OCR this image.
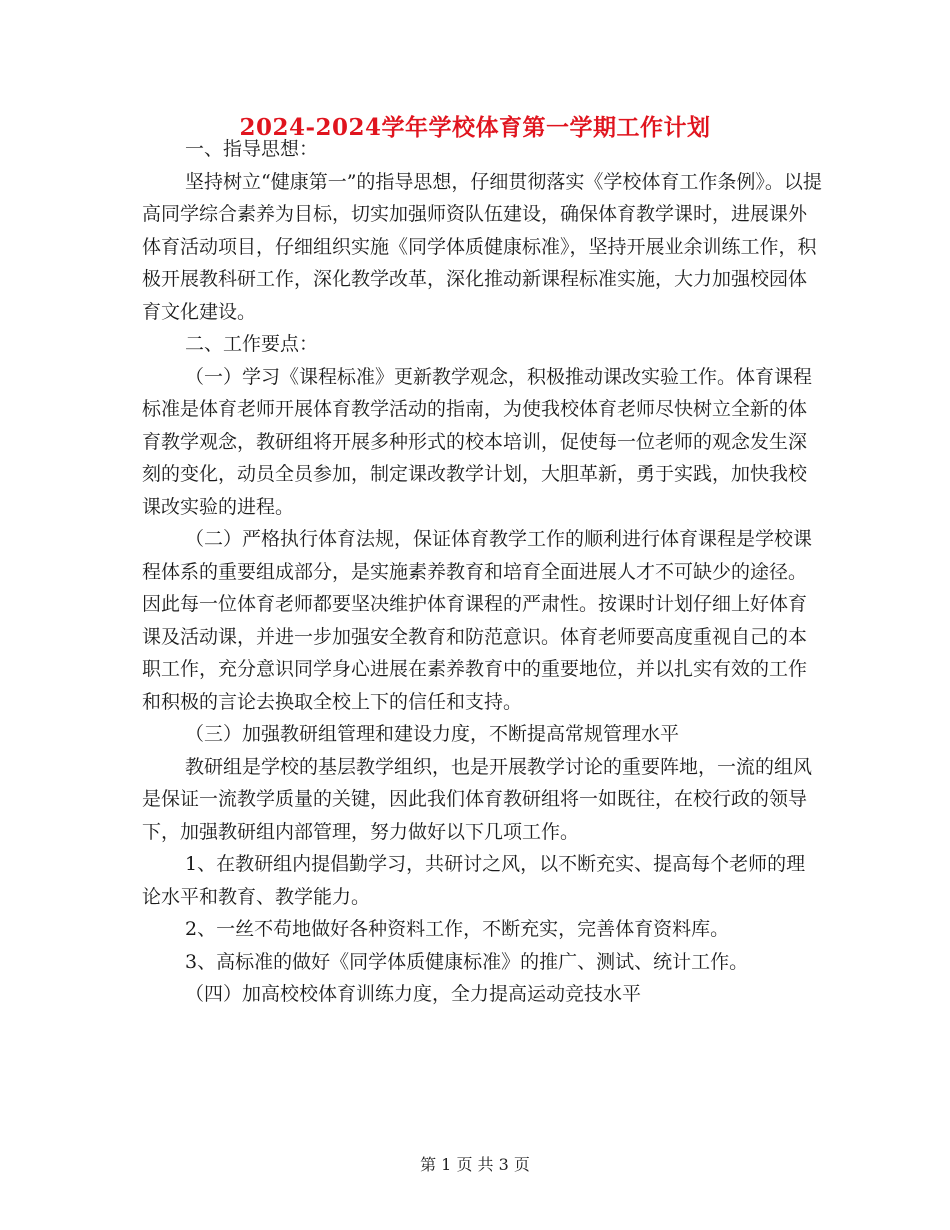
2024-2024学年学校体育第一学期工作计划

一、指导思想：

坚持树立“健康第一”的指导思想，仔细贯彻落实《学校体育工作条例》。以提高同学综合素养为目标，切实加强师资队伍建设，确保体育教学课时，进展课外体育活动项目，仔细组织实施《同学体质健康标准》，坚持开展业余训练工作，积极开展教科研工作，深化教学改革，深化推动新课程标准实施，大力加强校园体育文化建设。

二、工作要点：

（一）学习《课程标准》更新教学观念，积极推动课改实验工作。体育课程标准是体育老师开展体育教学活动的指南，为使我校体育老师尽快树立全新的体育教学观念，教研组将开展多种形式的校本培训，促使每一位老师的观念发生深刻的变化，动员全员参加，制定课改教学计划，大胆革新，勇于实践，加快我校课改实验的进程。

（二）严格执行体育法规，保证体育教学工作的顺利进行体育课程是学校课程体系的重要组成部分，是实施素养教育和培育全面进展人才不可缺少的途径。因此每一位体育老师都要坚决维护体育课程的严肃性。按课时计划仔细上好体育课及活动课，并进一步加强安全教育和防范意识。体育老师要高度重视自己的本职工作，充分意识同学身心进展在素养教育中的重要地位，并以扎实有效的工作和积极的言论去换取全校上下的信任和支持。

（三）加强教研组管理和建设力度，不断提高常规管理水平

教研组是学校的基层教学组织，也是开展教学讨论的重要阵地，一流的组风是保证一流教学质量的关键，因此我们体育教研组将一如既往，在校行政的领导下，加强教研组内部管理，努力做好以下几项工作。

1、在教研组内提倡勤学习，共研讨之风，以不断充实、提高每个老师的理论水平和教育、教学能力。

2、一丝不苟地做好各种资料工作，不断充实，完善体育资料库。

3、高标准的做好《同学体质健康标准》的推广、测试、统计工作。

（四）加高校校体育训练力度，全力提高运动竞技水平

第 1 页 共 3 页
